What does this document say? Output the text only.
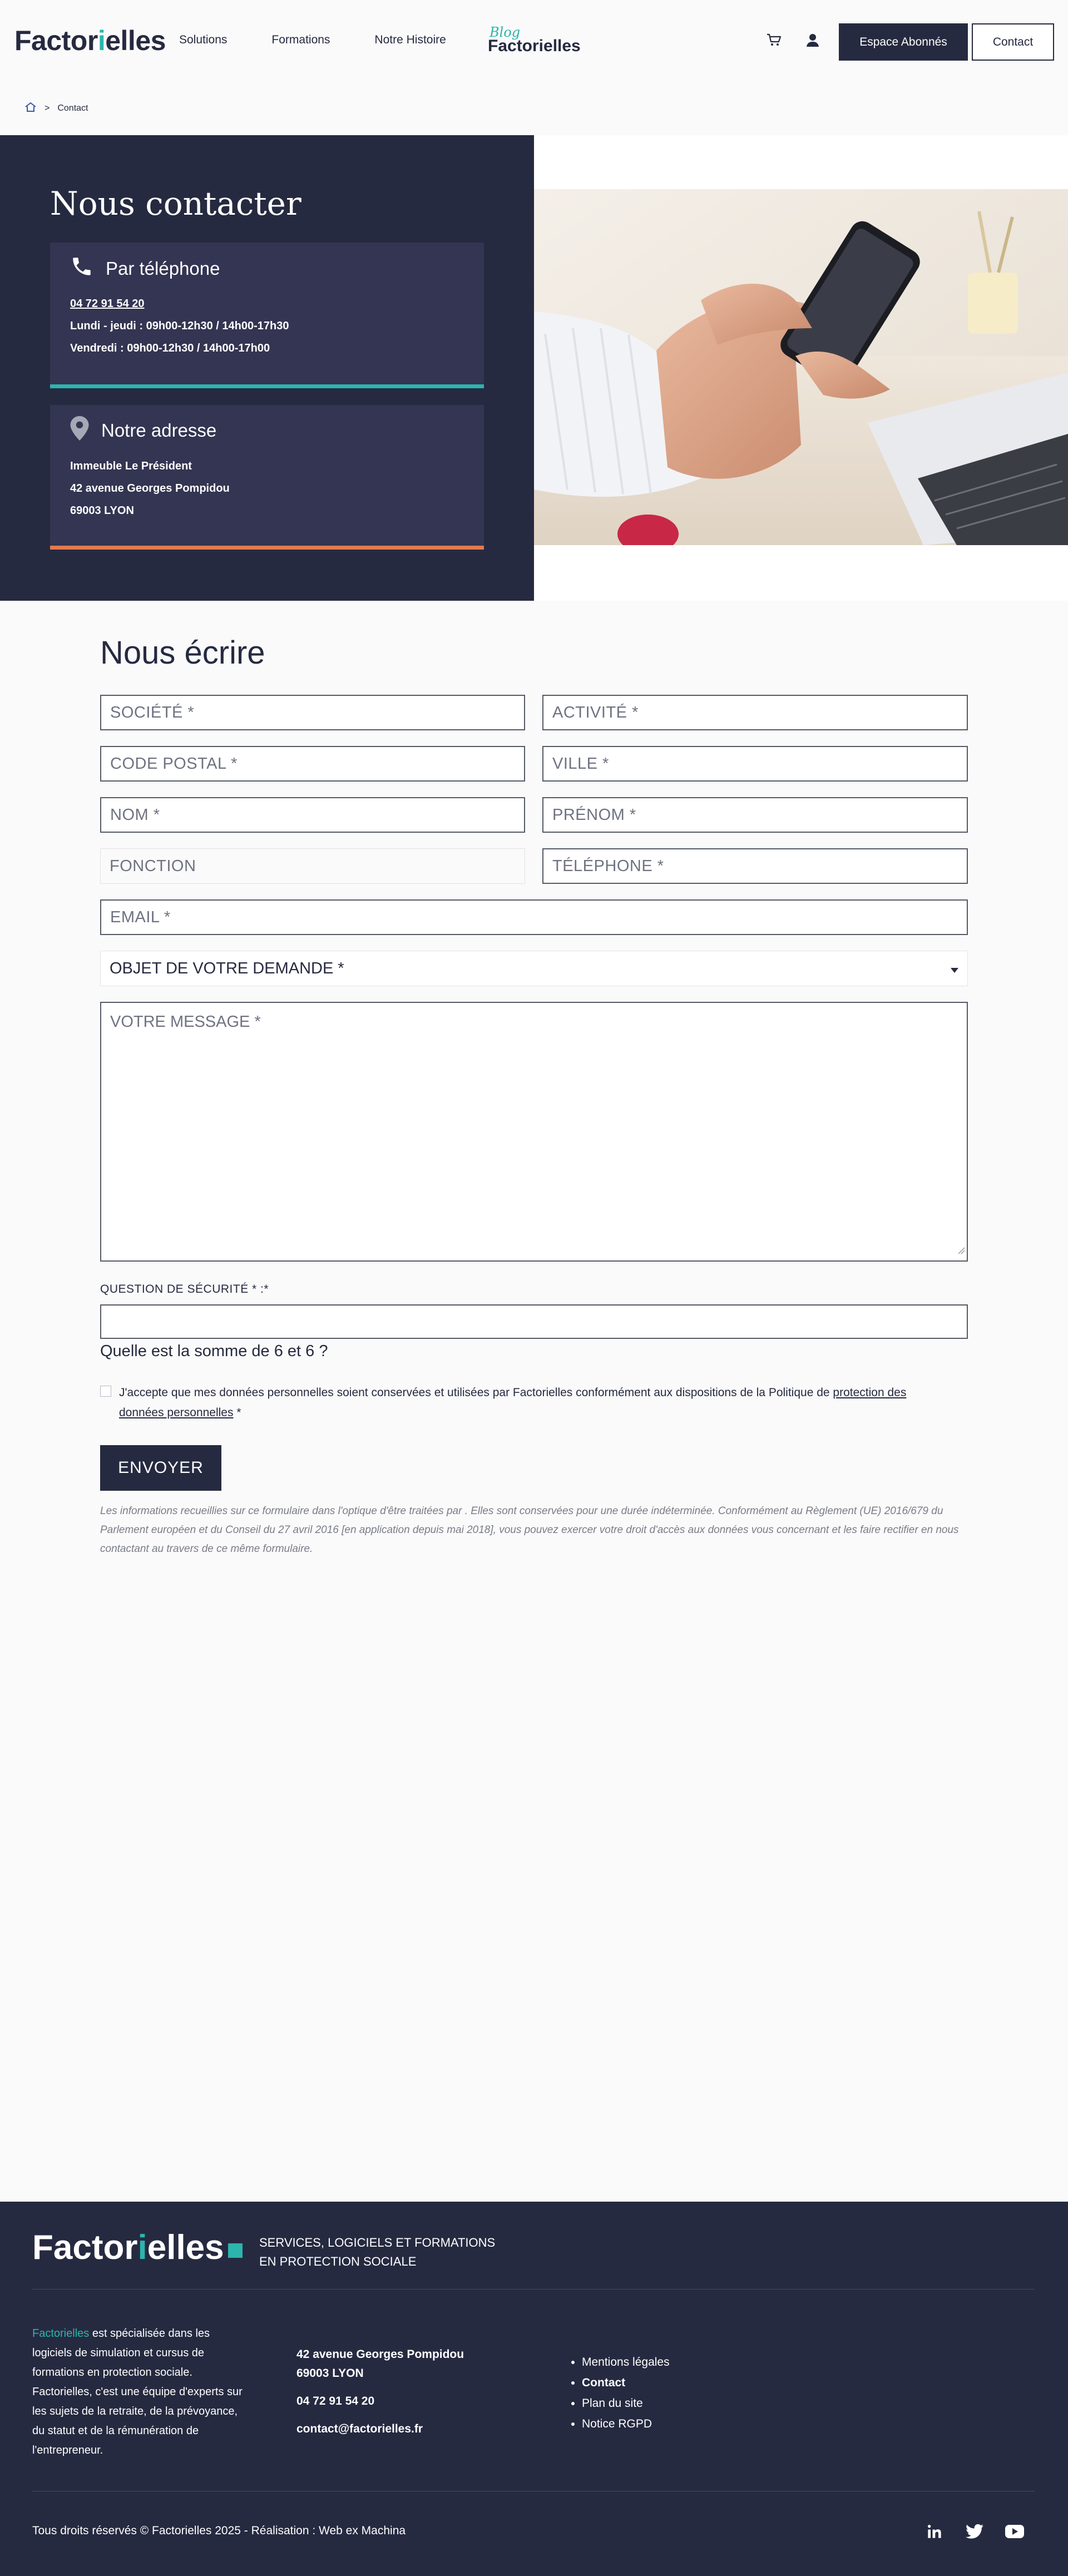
Factorielles Solutions	Formations	Notre Histoire	Blog
Factorielles	Espace Abonnés	Contact
> Contact
Nous contacter
Par téléphone
04 72 91 54 20
Lundi - jeudi : 09h00-12h30 / 14h00-17h30
Vendredi : 09h00-12h30 / 14h00-17h00
Notre adresse
Immeuble Le Président
42 avenue Georges Pompidou
69003 LYON
Nous écrire
SOCIÉTÉ *	ACTIVITÉ *
CODE POSTAL *	VILLE *
NOM *	PRÉNOM *
FONCTION	TÉLÉPHONE *
EMAIL *
OBJET DE VOTRE DEMANDE *
VOTRE MESSAGE *
QUESTION DE SÉCURITÉ * :*
Quelle est la somme de 6 et 6 ?
J'accepte que mes données personnelles soient conservées et utilisées par Factorielles conformément aux dispositions de la Politique de protection des données personnelles *
ENVOYER
Les informations recueillies sur ce formulaire dans l'optique d'être traitées par . Elles sont conservées pour une durée indéterminée. Conformément au Règlement (UE) 2016/679 du Parlement européen et du Conseil du 27 avril 2016 [en application depuis mai 2018], vous pouvez exercer votre droit d'accès aux données vous concernant et les faire rectifier en nous contactant au travers de ce même formulaire.
Factorielles	SERVICES, LOGICIELS ET FORMATIONS
EN PROTECTION SOCIALE
Factorielles est spécialisée dans les logiciels de simulation et cursus de formations en protection sociale. Factorielles, c'est une équipe d'experts sur les sujets de la retraite, de la prévoyance, du statut et de la rémunération de l'entrepreneur.
42 avenue Georges Pompidou
69003 LYON
04 72 91 54 20
contact@factorielles.fr
• Mentions légales
• Contact
• Plan du site
• Notice RGPD
Tous droits réservés © Factorielles 2025 - Réalisation : Web ex Machina
